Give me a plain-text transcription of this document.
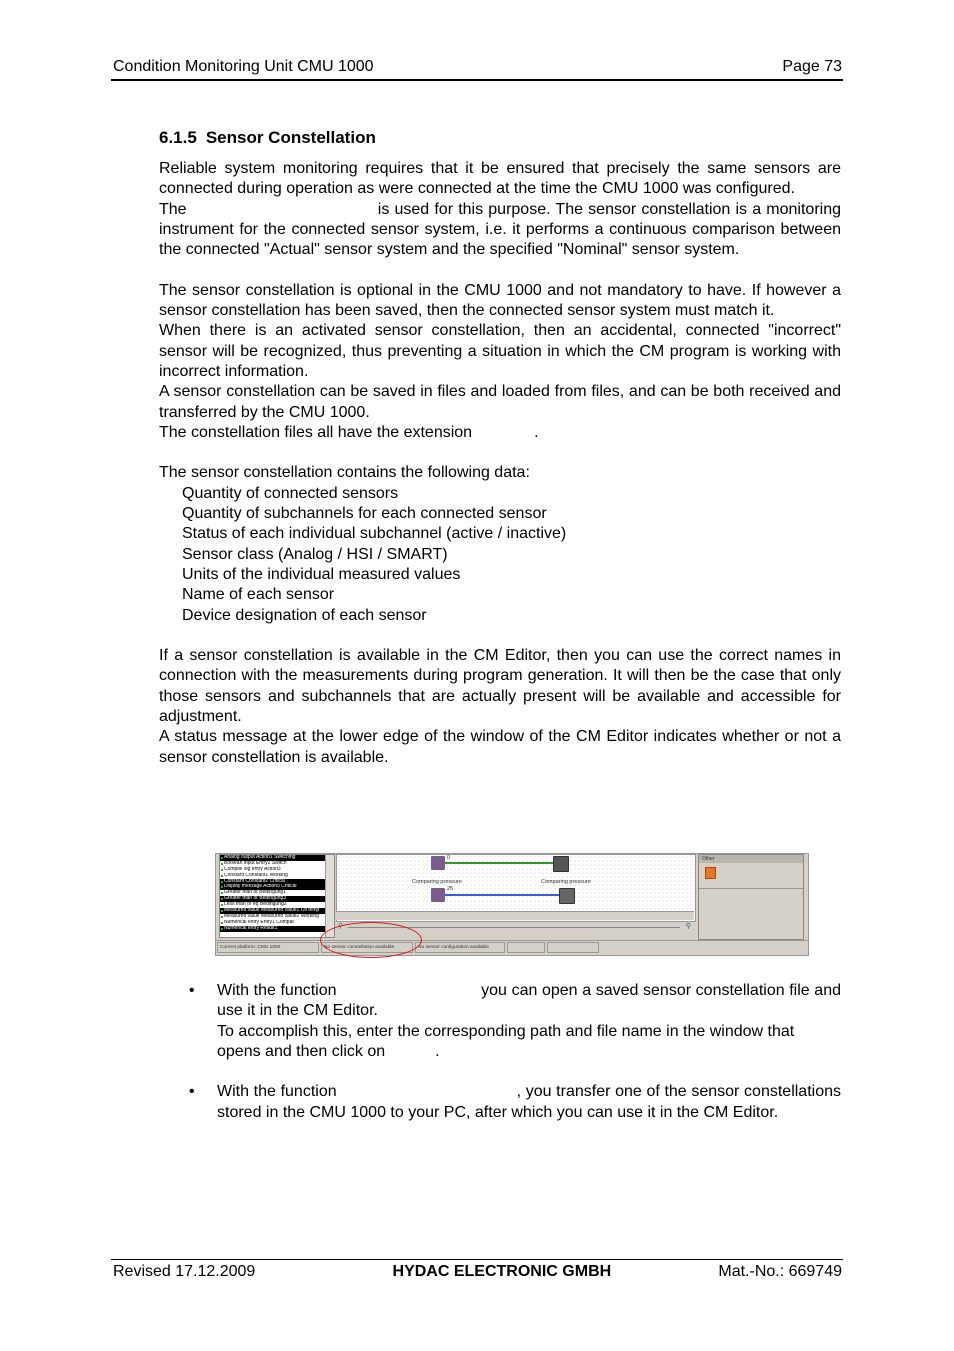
Condition Monitoring Unit CMU 1000	Page 73
6.1.5 Sensor Constellation

Reliable system monitoring requires that it be ensured that precisely the same sensors are connected during operation as were connected at the time the CMU 1000 was configured.

The	is used for this purpose. The sensor constellation is a monitoring instrument for the connected sensor system, i.e. it performs a continuous comparison between the connected "Actual" sensor system and the specified "Nominal" sensor system.

The sensor constellation is optional in the CMU 1000 and not mandatory to have. If however a sensor constellation has been saved, then the connected sensor system must match it.

When there is an activated sensor constellation, then an accidental, connected "incorrect" sensor will be recognized, thus preventing a situation in which the CM program is working with incorrect information.

A sensor constellation can be saved in files and loaded from files, and can be both received and transferred by the CMU 1000.

The constellation files all have the extension	.

The sensor constellation contains the following data:

Quantity of connected sensors

Quantity of subchannels for each connected sensor

Status of each individual subchannel (active / inactive)

Sensor class (Analog / HSI / SMART)

Units of the individual measured values

Name of each sensor

Device designation of each sensor

If a sensor constellation is available in the CM Editor, then you can use the correct names in connection with the measurements during program generation. It will then be the case that only those sensors and subchannels that are actually present will be available and accessible for adjustment.

A status message at the lower edge of the window of the CM Editor indicates whether or not a sensor constellation is available.

Analog output Action1 Switching
Boolean input Entry2 Switch
Compile log entry Action3
Constant Constant1 Working
Constant Constant2 Critical
Display message Action5 Critical
Greater than or Bedingung1
Greater than or Bedingung3
Less than or eq Bedingung2
Measured value Measured value1 Oil temp
Measured value Measured value2 Working
Numerical entry Entry1 Compar
Numerical entry Result1
0
Comparing pressure
25
Comparing pressure
⚲	⚲
Other
Current platform: CMU 1000	No sensor constellation available	No sensor configuration available
• With the function	you can open a saved sensor constellation file and use it in the CM Editor.

To accomplish this, enter the corresponding path and file name in the window that opens and then click on	.

• With the function	, you transfer one of the sensor constellations stored in the CMU 1000 to your PC, after which you can use it in the CM Editor.

Revised 17.12.2009	HYDAC ELECTRONIC GMBH	Mat.-No.: 669749
